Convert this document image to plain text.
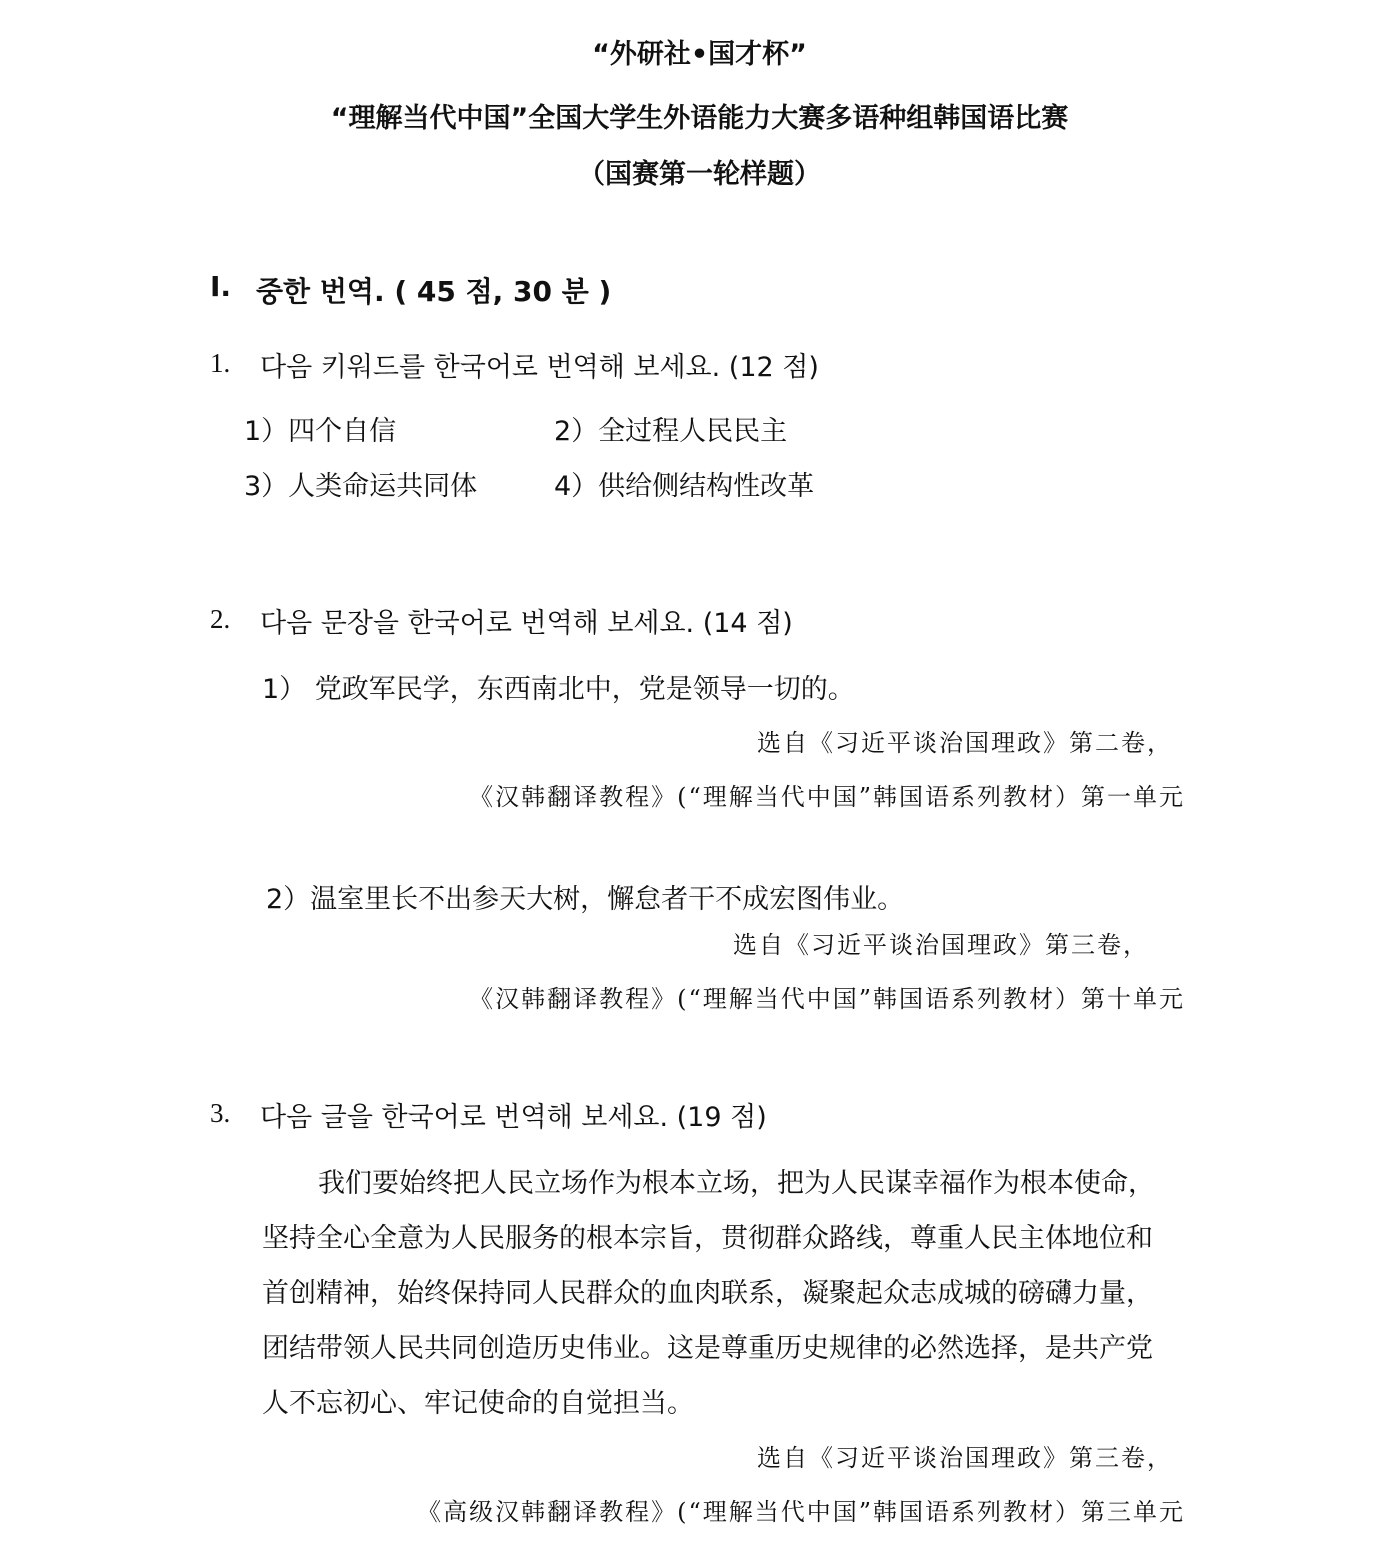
“外研社•国才杯”
“理解当代中国”全国大学生外语能力大赛多语种组韩国语比赛
（国赛第一轮样题）
I. 중한 번역. ( 45 점, 30 분 )
1. 다음 키워드를 한국어로 번역해 보세요. (12 점)
1）四个自信	2）全过程人民民主
3）人类命运共同体	4）供给侧结构性改革
2. 다음 문장을 한국어로 번역해 보세요. (14 점)
1） 党政军民学，东西南北中，党是领导一切的。
选自《习近平谈治国理政》第二卷，
《汉韩翻译教程》(“理解当代中国”韩国语系列教材）第一单元
2）温室里长不出参天大树，懈怠者干不成宏图伟业。
选自《习近平谈治国理政》第三卷，
《汉韩翻译教程》(“理解当代中国”韩国语系列教材）第十单元
3. 다음 글을 한국어로 번역해 보세요. (19 점)
我们要始终把人民立场作为根本立场，把为人民谋幸福作为根本使命，
坚持全心全意为人民服务的根本宗旨，贯彻群众路线，尊重人民主体地位和
首创精神，始终保持同人民群众的血肉联系，凝聚起众志成城的磅礴力量，
团结带领人民共同创造历史伟业。这是尊重历史规律的必然选择，是共产党
人不忘初心、牢记使命的自觉担当。
选自《习近平谈治国理政》第三卷，
《高级汉韩翻译教程》(“理解当代中国”韩国语系列教材）第三单元
